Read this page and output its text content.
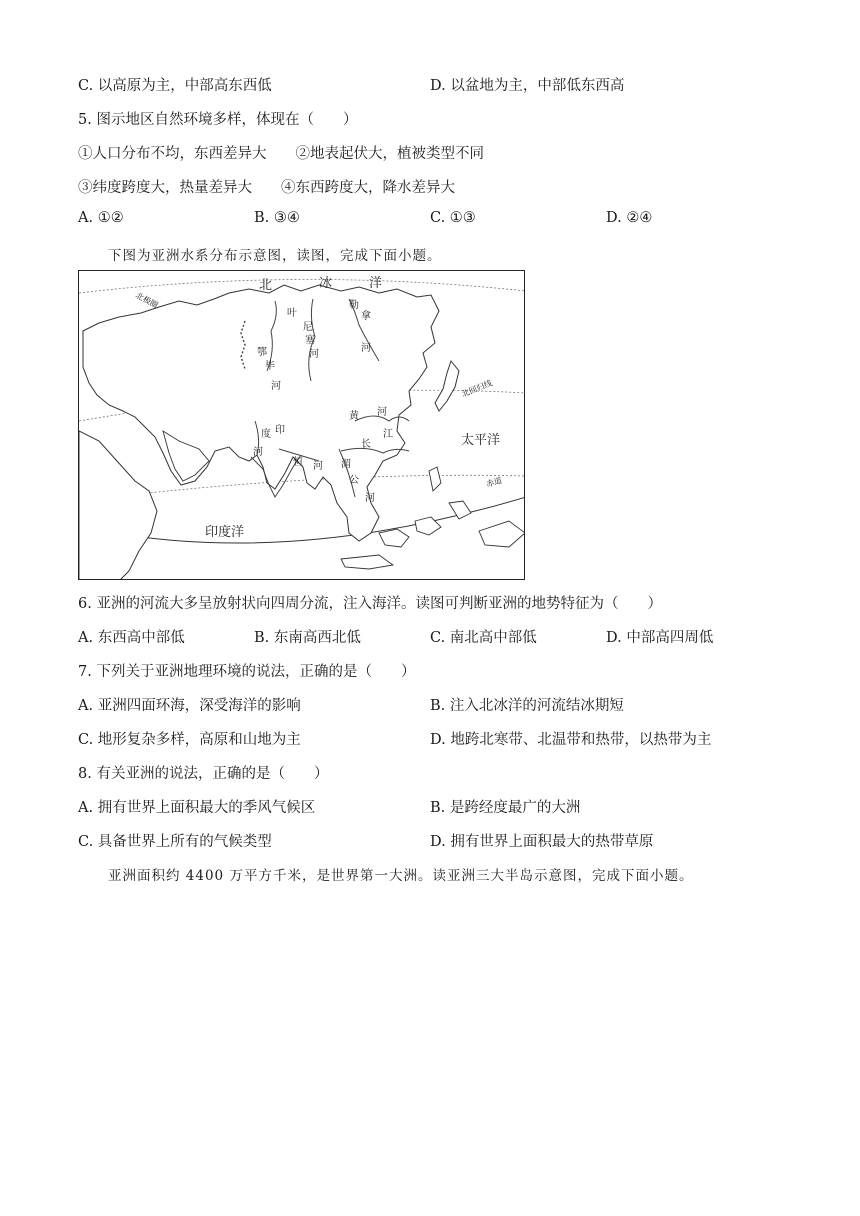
C. 以高原为主，中部高东西低	D. 以盆地为主，中部低东西高
5. 图示地区自然环境多样，体现在（　　）
①人口分布不均，东西差异大　　②地表起伏大，植被类型不同
③纬度跨度大，热量差异大　　④东西跨度大，降水差异大
A. ①②	B. ③④	C. ①③	D. ②④
下图为亚洲水系分布示意图，读图，完成下面小题。
北	冰	洋
太平洋
印度洋
北极圈
北回归线
赤道
叶
尼
塞
河
鄂
毕
河
勒
拿
河
印
度
河
恒 河 湄
公
河
黄 河
长
江
6. 亚洲的河流大多呈放射状向四周分流，注入海洋。读图可判断亚洲的地势特征为（　　）
A. 东西高中部低	B. 东南高西北低	C. 南北高中部低	D. 中部高四周低
7. 下列关于亚洲地理环境的说法，正确的是（　　）
A. 亚洲四面环海，深受海洋的影响	B. 注入北冰洋的河流结冰期短
C. 地形复杂多样，高原和山地为主	D. 地跨北寒带、北温带和热带，以热带为主
8. 有关亚洲的说法，正确的是（　　）
A. 拥有世界上面积最大的季风气候区	B. 是跨经度最广的大洲
C. 具备世界上所有的气候类型	D. 拥有世界上面积最大的热带草原
亚洲面积约 4400 万平方千米，是世界第一大洲。读亚洲三大半岛示意图，完成下面小题。
